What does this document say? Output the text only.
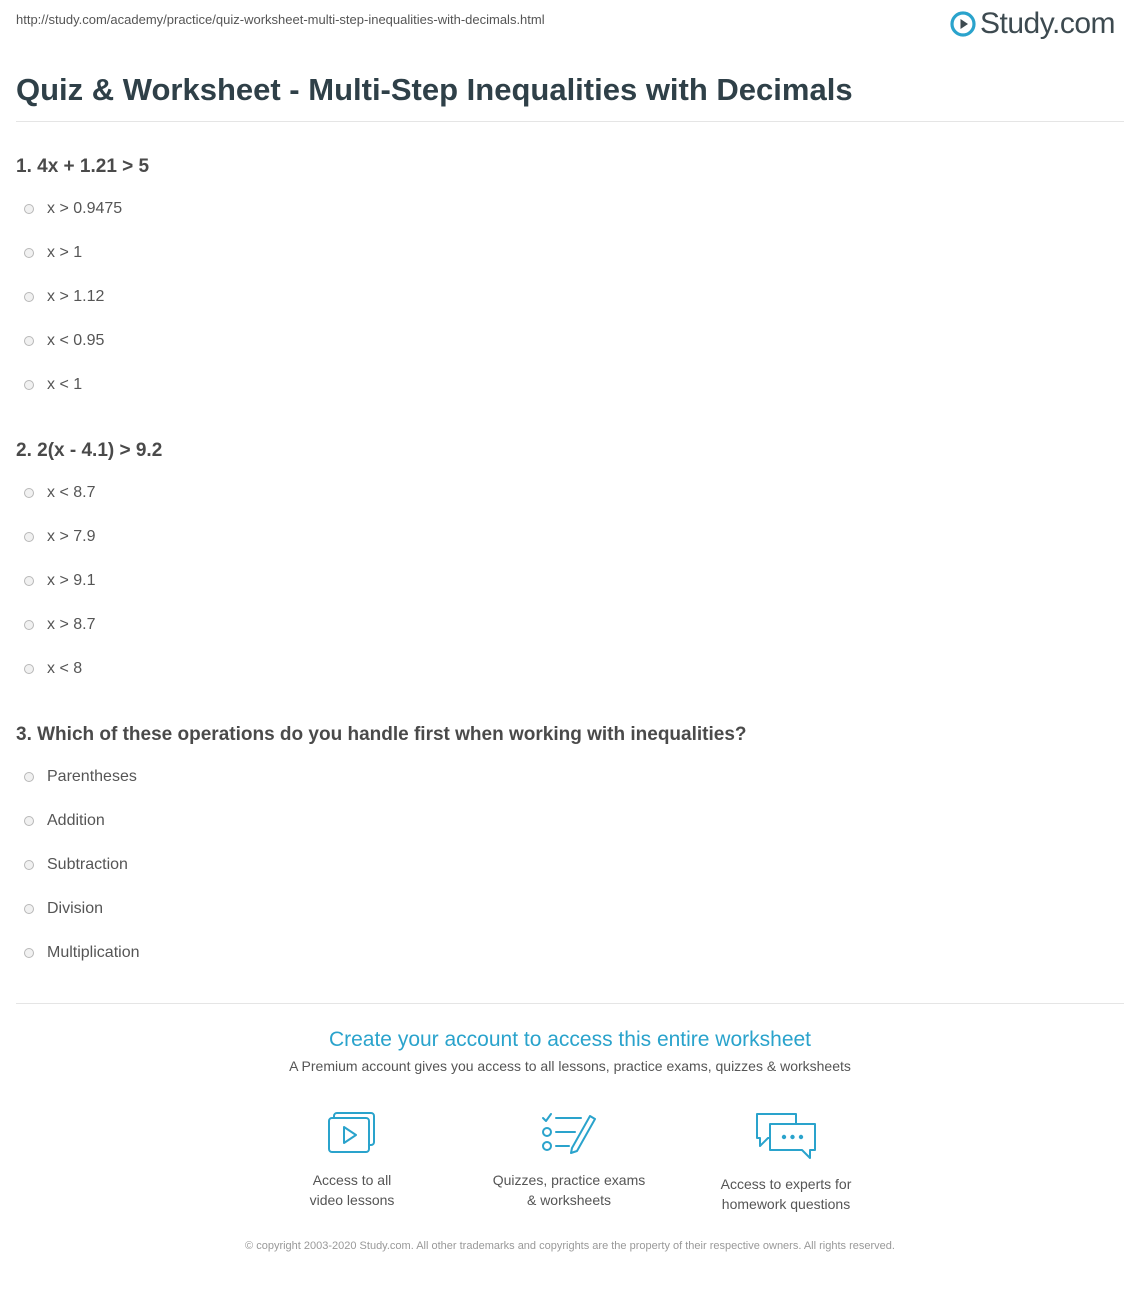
http://study.com/academy/practice/quiz-worksheet-multi-step-inequalities-with-decimals.html	Study.com
Quiz & Worksheet - Multi-Step Inequalities with Decimals
1. 4x + 1.21 > 5
x > 0.9475
x > 1
x > 1.12
x < 0.95
x < 1
2. 2(x - 4.1) > 9.2
x < 8.7
x > 7.9
x > 9.1
x > 8.7
x < 8
3. Which of these operations do you handle first when working with inequalities?
Parentheses
Addition
Subtraction
Division
Multiplication
Create your account to access this entire worksheet
A Premium account gives you access to all lessons, practice exams, quizzes & worksheets
Access to all
video lessons
Quizzes, practice exams
& worksheets
Access to experts for
homework questions
© copyright 2003-2020 Study.com. All other trademarks and copyrights are the property of their respective owners. All rights reserved.
